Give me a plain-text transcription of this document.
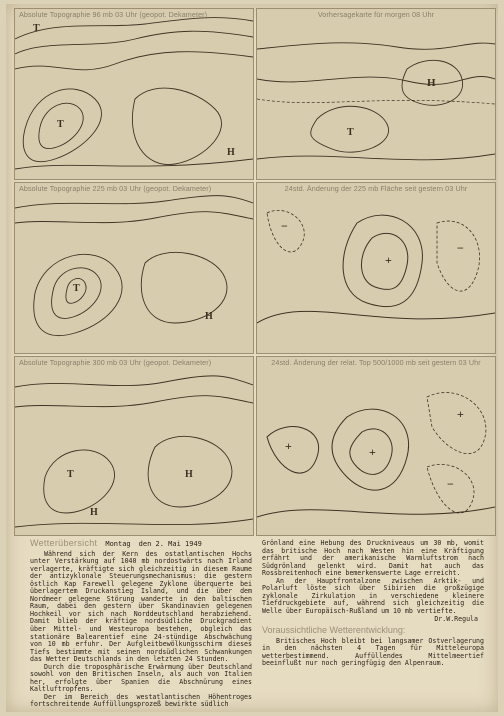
T
T
H
Absolute Topographie 96 mb 03 Uhr (geopot. Dekameter)
H
T
Vorhersagekarte für morgen 08 Uhr
T
H
Absolute Topographie 225 mb 03 Uhr (geopot. Dekameter)
+
−
−
24std. Änderung der 225 mb Fläche seit gestern 03 Uhr
T
H
H
Absolute Topographie 300 mb 03 Uhr (geopot. Dekameter)
+
+
+
−
24std. Änderung der relat. Top 500/1000 mb seit gestern 03 Uhr
Wetterübersicht Montag den 2. Mai 1949

Während sich der Kern des ostatlantischen Hochs unter Verstärkung auf 1040 mb nordostwärts nach Irland verlagerte, kräftigte sich gleichzeitig in diesem Raume der antizyklonale Steuerungsmechanismus: die gestern östlich Kap Farewell gelegene Zyklone überquerte bei überlagertem Druckanstieg Island, und die über dem Nordmeer gelegene Störung wanderte in den baltischen Raum, dabei den gestern über Skandinavien gelegenen Hochkeil vor sich nach Norddeutschland herabziehend. Damit blieb der kräftige nordsüdliche Druckgradient über Mittel- und Westeuropa bestehen, obgleich das stationäre Balearentief eine 24-stündige Abschwächung von 10 mb erfuhr. Der Aufgleitbewölkungsschirm dieses Tiefs bestimmte mit seinen nordsüdlichen Schwankungen das Wetter Deutschlands in den letzten 24 Stunden.

Durch die troposphärische Erwärmung über Deutschland sowohl von den Britischen Inseln, als auch von Italien her, erfolgte über Spanien die Abschnürung eines Kaltluftropfens.

Der im Bereich des westatlantischen Höhentroges fortschreitende Auffüllungsprozeß bewirkte südlich

Grönland eine Hebung des Druckniveaus um 30 mb, womit das britische Hoch nach Westen hin eine Kräftigung erfährt und der amerikanische Warmluftstrom nach Südgrönland gelenkt wird. Damit hat auch das Rossbreitenhoch eine bemerkenswerte Lage erreicht.

An der Hauptfrontalzone zwischen Arktik- und Polarluft löste sich über Sibirien die großzügige zyklonale Zirkulation in verschiedene kleinere Tiefdruckgebiete auf, während sich gleichzeitig die Welle über Europäisch-Rußland um 10 mb vertiefte.

Dr.W.Regula
Voraussichtliche Wetterentwicklung:

Britisches Hoch bleibt bei langsamer Ostverlagerung in den nächsten 4 Tagen für Mitteleuropa wetterbestimmend. Auffüllendes Mittelmeertief beeinflußt nur noch geringfügig den Alpenraum.
